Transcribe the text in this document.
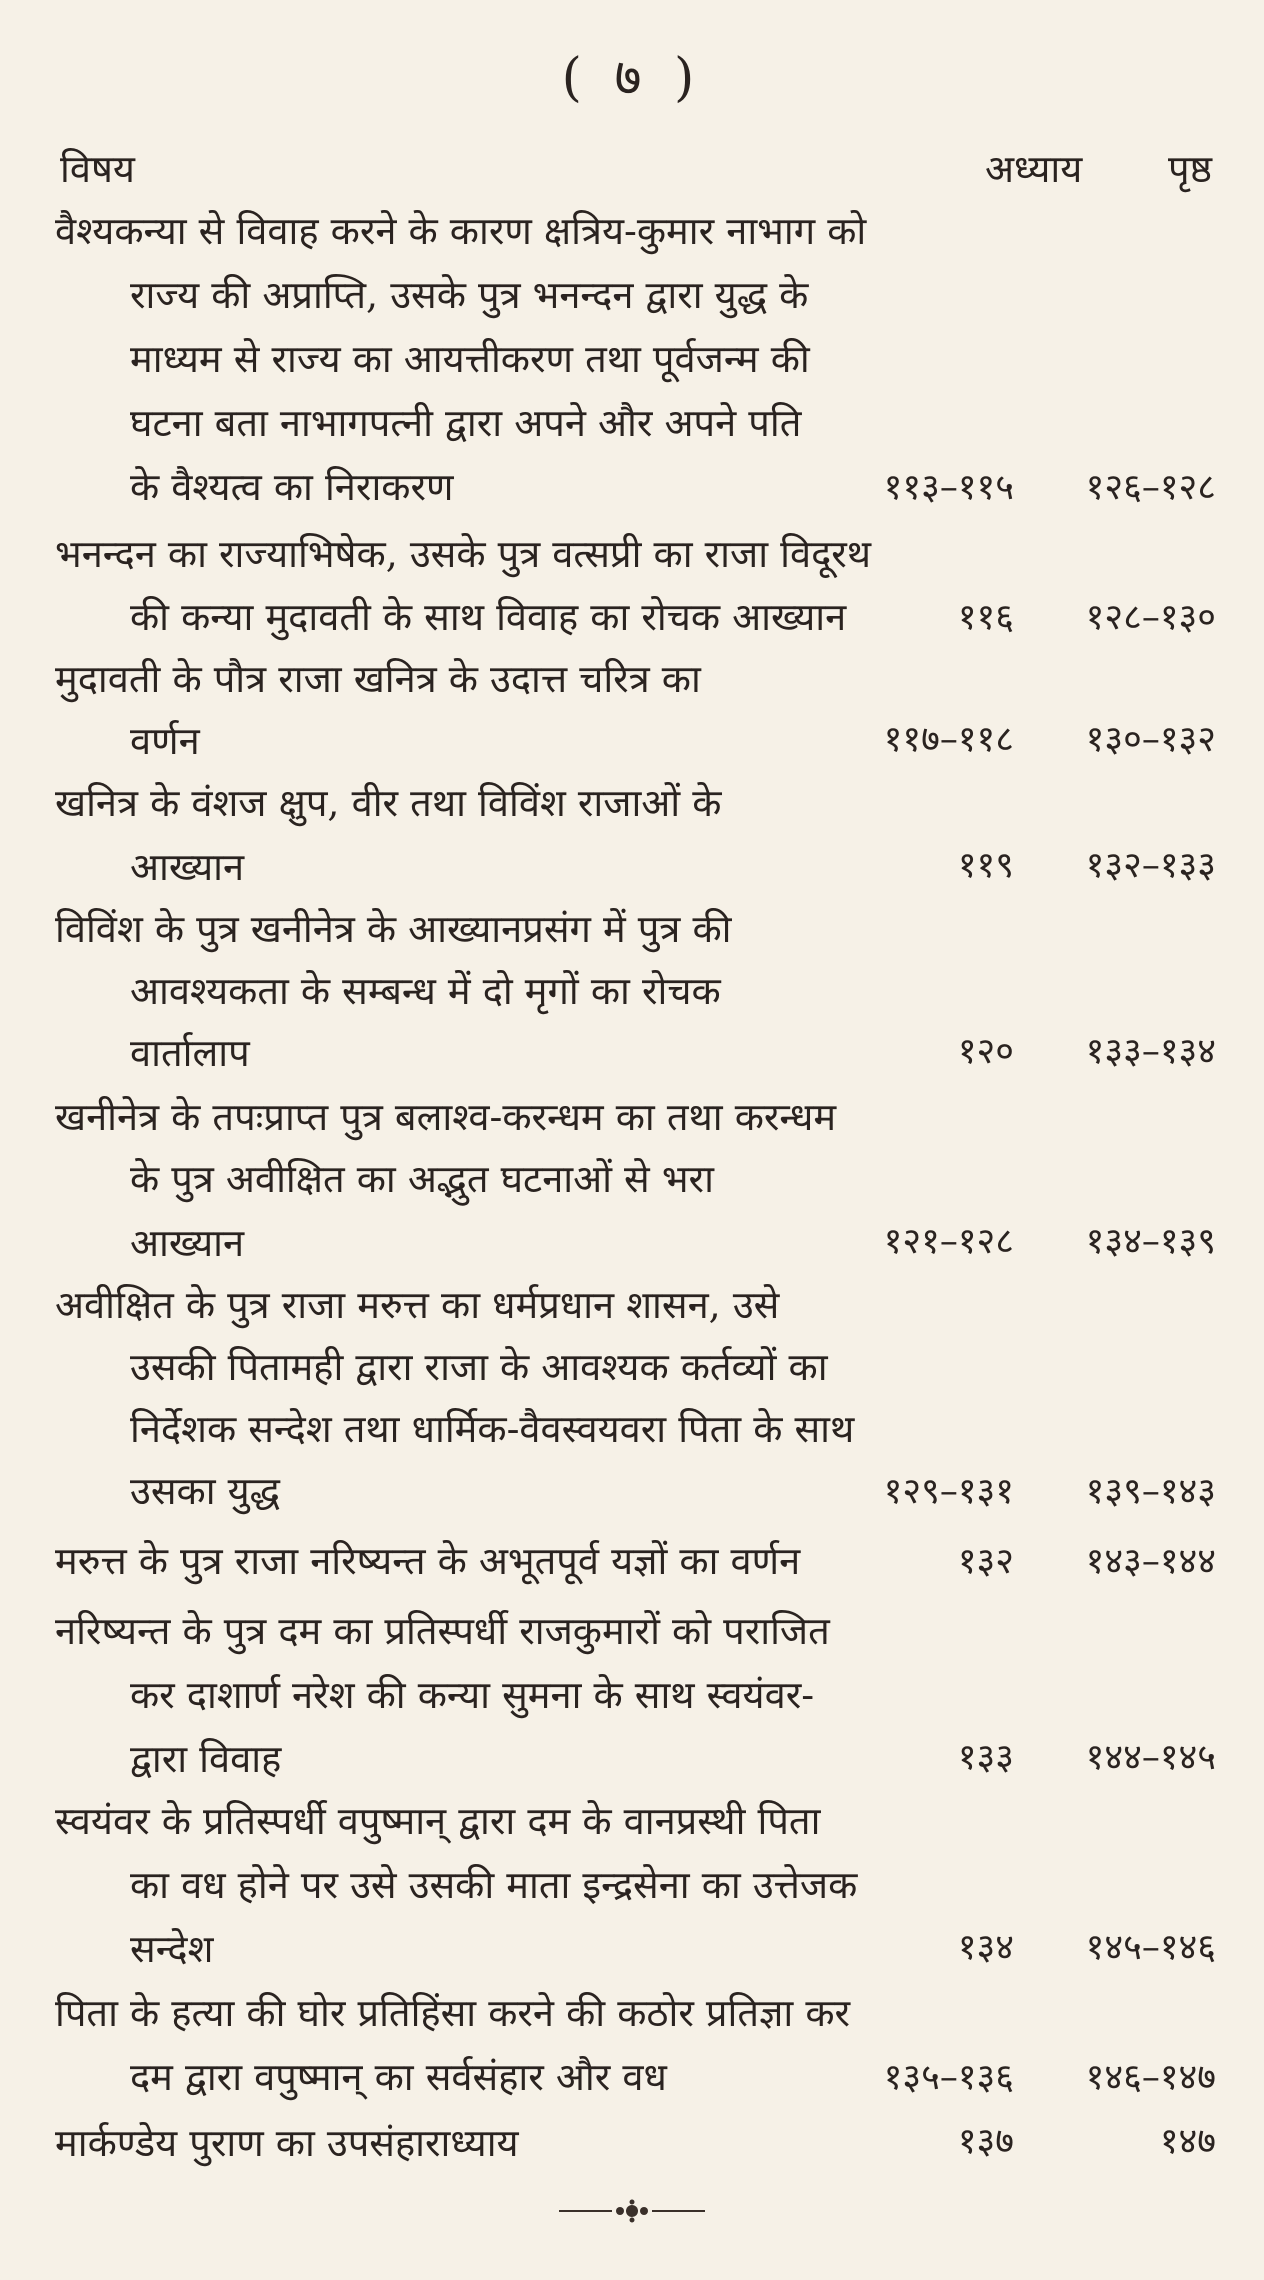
( ७ )
विषय	अध्याय पृष्ठ
वैश्यकन्या से विवाह करने के कारण क्षत्रिय-कुमार नाभाग को
राज्य की अप्राप्ति, उसके पुत्र भनन्दन द्वारा युद्ध के
माध्यम से राज्य का आयत्तीकरण तथा पूर्वजन्म की
घटना बता नाभागपत्नी द्वारा अपने और अपने पति
के वैश्यत्व का निराकरण	११३–११५ १२६–१२८
भनन्दन का राज्याभिषेक, उसके पुत्र वत्सप्री का राजा विदूरथ
की कन्या मुदावती के साथ विवाह का रोचक आख्यान	११६ १२८–१३०
मुदावती के पौत्र राजा खनित्र के उदात्त चरित्र का
वर्णन	११७–११८ १३०–१३२
खनित्र के वंशज क्षुप, वीर तथा विविंश राजाओं के
आख्यान	११९ १३२–१३३
विविंश के पुत्र खनीनेत्र के आख्यानप्रसंग में पुत्र की
आवश्यकता के सम्बन्ध में दो मृगों का रोचक
वार्तालाप	१२० १३३–१३४
खनीनेत्र के तपःप्राप्त पुत्र बलाश्व-करन्धम का तथा करन्धम
के पुत्र अवीक्षित का अद्भुत घटनाओं से भरा
आख्यान	१२१–१२८ १३४–१३९
अवीक्षित के पुत्र राजा मरुत्त का धर्मप्रधान शासन, उसे
उसकी पितामही द्वारा राजा के आवश्यक कर्तव्यों का
निर्देशक सन्देश तथा धार्मिक-वैवस्वयवरा पिता के साथ
उसका युद्ध	१२९–१३१ १३९–१४३
मरुत्त के पुत्र राजा नरिष्यन्त के अभूतपूर्व यज्ञों का वर्णन	१३२ १४३–१४४
नरिष्यन्त के पुत्र दम का प्रतिस्पर्धी राजकुमारों को पराजित
कर दाशार्ण नरेश की कन्या सुमना के साथ स्वयंवर-
द्वारा विवाह	१३३ १४४–१४५
स्वयंवर के प्रतिस्पर्धी वपुष्मान् द्वारा दम के वानप्रस्थी पिता
का वध होने पर उसे उसकी माता इन्द्रसेना का उत्तेजक
सन्देश	१३४ १४५–१४६
पिता के हत्या की घोर प्रतिहिंसा करने की कठोर प्रतिज्ञा कर
दम द्वारा वपुष्मान् का सर्वसंहार और वध	१३५–१३६ १४६–१४७
मार्कण्डेय पुराण का उपसंहाराध्याय	१३७	१४७
